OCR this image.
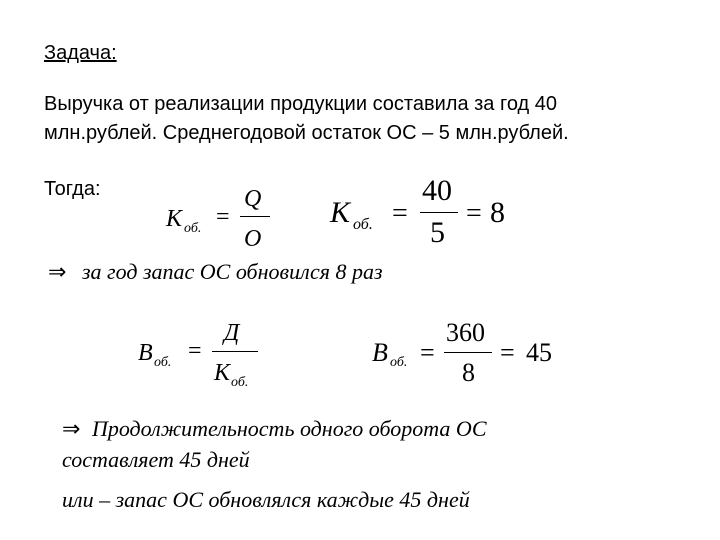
Задача:
Выручка от реализации продукции составила за год 40
млн.рублей. Среднегодовой остаток ОС – 5 млн.рублей.
Тогда:
K об. =
Q
O
K об. =
40
5
= 8
⇒ за год запас ОС обновился 8 раз
B об. =
Д
K об.
B об. =
360
8
= 45
⇒ Продолжительность одного оборота ОС
составляет 45 дней
или – запас ОС обновлялся каждые 45 дней
